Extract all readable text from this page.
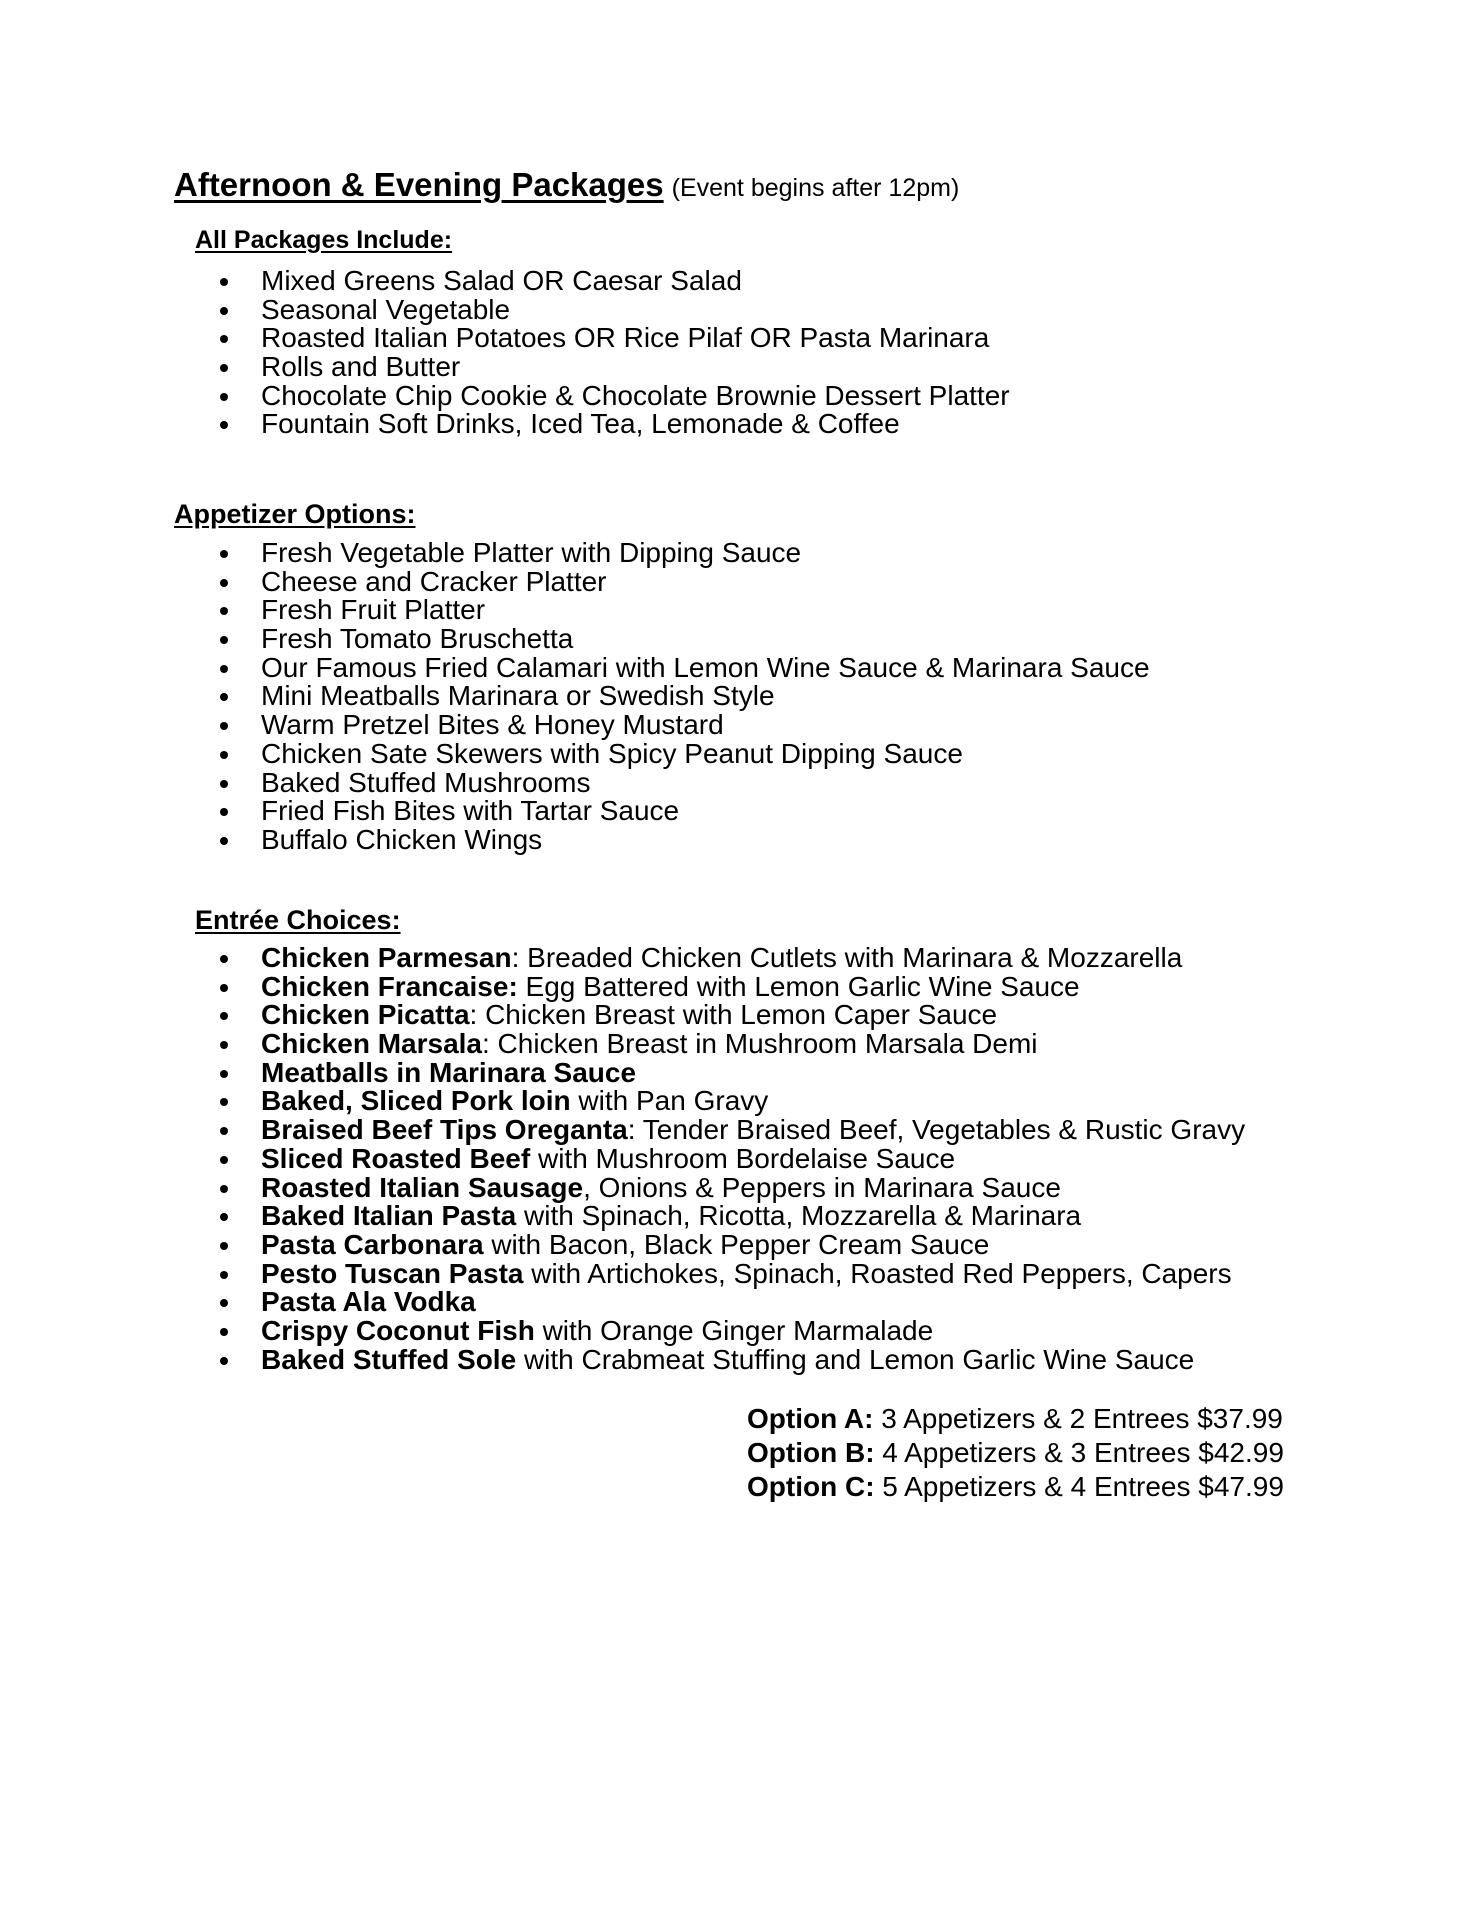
Afternoon & Evening Packages (Event begins after 12pm)
All Packages Include:
Mixed Greens Salad OR Caesar Salad
Seasonal Vegetable
Roasted Italian Potatoes OR Rice Pilaf OR Pasta Marinara
Rolls and Butter
Chocolate Chip Cookie & Chocolate Brownie Dessert Platter
Fountain Soft Drinks, Iced Tea, Lemonade & Coffee
Appetizer Options:
Fresh Vegetable Platter with Dipping Sauce
Cheese and Cracker Platter
Fresh Fruit Platter
Fresh Tomato Bruschetta
Our Famous Fried Calamari with Lemon Wine Sauce & Marinara Sauce
Mini Meatballs Marinara or Swedish Style
Warm Pretzel Bites & Honey Mustard
Chicken Sate Skewers with Spicy Peanut Dipping Sauce
Baked Stuffed Mushrooms
Fried Fish Bites with Tartar Sauce
Buffalo Chicken Wings
Entrée Choices:
Chicken Parmesan: Breaded Chicken Cutlets with Marinara & Mozzarella
Chicken Francaise: Egg Battered with Lemon Garlic Wine Sauce
Chicken Picatta: Chicken Breast with Lemon Caper Sauce
Chicken Marsala: Chicken Breast in Mushroom Marsala Demi
Meatballs in Marinara Sauce
Baked, Sliced Pork loin with Pan Gravy
Braised Beef Tips Oreganta: Tender Braised Beef, Vegetables & Rustic Gravy
Sliced Roasted Beef with Mushroom Bordelaise Sauce
Roasted Italian Sausage, Onions & Peppers in Marinara Sauce
Baked Italian Pasta with Spinach, Ricotta, Mozzarella & Marinara
Pasta Carbonara with Bacon, Black Pepper Cream Sauce
Pesto Tuscan Pasta with Artichokes, Spinach, Roasted Red Peppers, Capers
Pasta Ala Vodka
Crispy Coconut Fish with Orange Ginger Marmalade
Baked Stuffed Sole with Crabmeat Stuffing and Lemon Garlic Wine Sauce
Option A: 3 Appetizers & 2 Entrees $37.99
Option B: 4 Appetizers & 3 Entrees $42.99
Option C: 5 Appetizers & 4 Entrees $47.99
